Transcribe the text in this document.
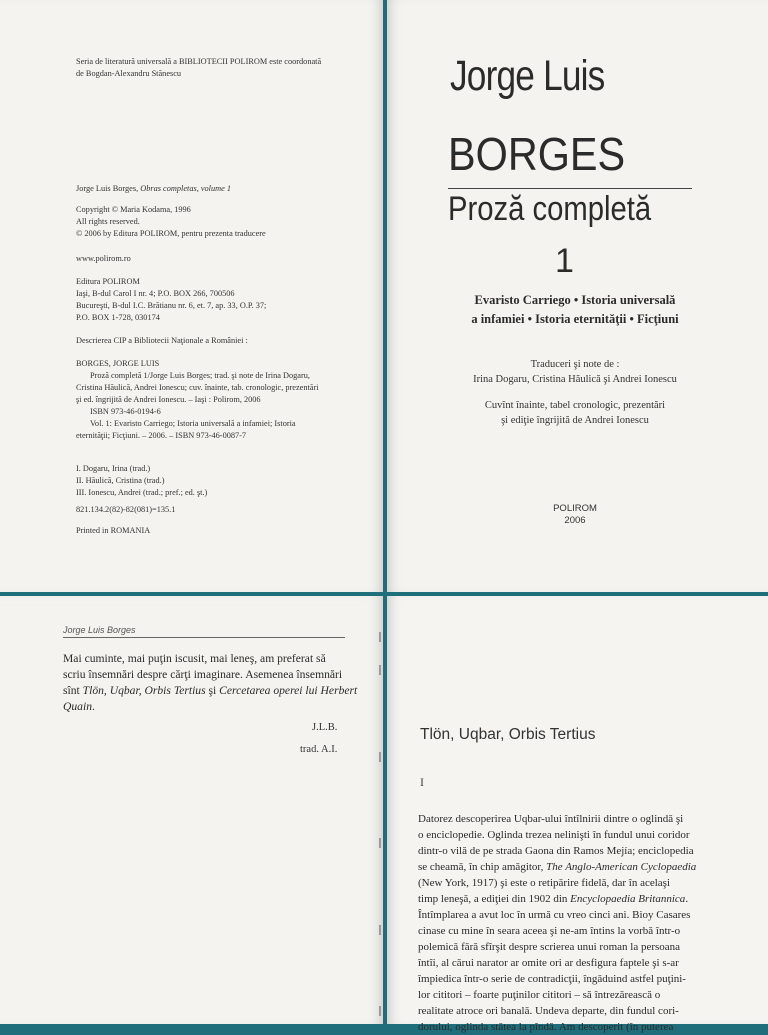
Seria de literatură universală a BIBLIOTECII POLIROM este coordonată
de Bogdan-Alexandru Stănescu
Jorge Luis Borges, Obras completas, volume 1
Copyright © Maria Kodama, 1996
All rights reserved.
© 2006 by Editura POLIROM, pentru prezenta traducere
www.polirom.ro
Editura POLIROM
Iaşi, B-dul Carol I nr. 4; P.O. BOX 266, 700506
Bucureşti, B-dul I.C. Brătianu nr. 6, et. 7, ap. 33, O.P. 37;
P.O. BOX 1-728, 030174
Descrierea CIP a Bibliotecii Naţionale a României :
BORGES, JORGE LUIS
Proză completă 1/Jorge Luis Borges; trad. şi note de Irina Dogaru,
Cristina Hăulică, Andrei Ionescu; cuv. înainte, tab. cronologic, prezentări
şi ed. îngrijită de Andrei Ionescu. – Iaşi : Polirom, 2006
ISBN 973-46-0194-6
Vol. 1: Evaristo Carriego; Istoria universală a infamiei; Istoria
eternităţii; Ficţiuni. – 2006. – ISBN 973-46-0087-7
I. Dogaru, Irina (trad.)
II. Hăulică, Cristina (trad.)
III. Ionescu, Andrei (trad.; pref.; ed. şt.)
821.134.2(82)-82(081)=135.1
Printed in ROMANIA
Jorge Luis
BORGES
Proză completă
1
Evaristo Carriego • Istoria universală
a infamiei • Istoria eternităţii • Ficţiuni
Traduceri şi note de :
Irina Dogaru, Cristina Hăulică şi Andrei Ionescu
Cuvînt înainte, tabel cronologic, prezentări
şi ediţie îngrijită de Andrei Ionescu
POLIROM
2006
Jorge Luis Borges
Mai cuminte, mai puţin iscusit, mai leneş, am preferat să
scriu însemnări despre cărţi imaginare. Asemenea însemnări
sînt Tlön, Uqbar, Orbis Tertius şi Cercetarea operei lui Herbert
Quain.
J.L.B.
trad. A.I.
Tlön, Uqbar, Orbis Tertius
I
Datorez descoperirea Uqbar-ului întîlnirii dintre o oglindă şi
o enciclopedie. Oglinda trezea nelinişti în fundul unui coridor
dintr-o vilă de pe strada Gaona din Ramos Mejía; enciclopedia
se cheamă, în chip amăgitor, The Anglo-American Cyclopaedia
(New York, 1917) şi este o retipărire fidelă, dar în acelaşi
timp leneşă, a ediţiei din 1902 din Encyclopaedia Britannica.
Întîmplarea a avut loc în urmă cu vreo cinci ani. Bioy Casares
cinase cu mine în seara aceea şi ne-am întins la vorbă într-o
polemică fără sfîrşit despre scrierea unui roman la persoana
întîi, al cărui narator ar omite ori ar desfigura faptele şi s-ar
împiedica într-o serie de contradicţii, îngăduind astfel puţini-
lor cititori – foarte puţinilor cititori – să întrezărească o
realitate atroce ori banală. Undeva departe, din fundul cori-
dorului, oglinda stătea la pîndă. Am descoperit (în puterea
